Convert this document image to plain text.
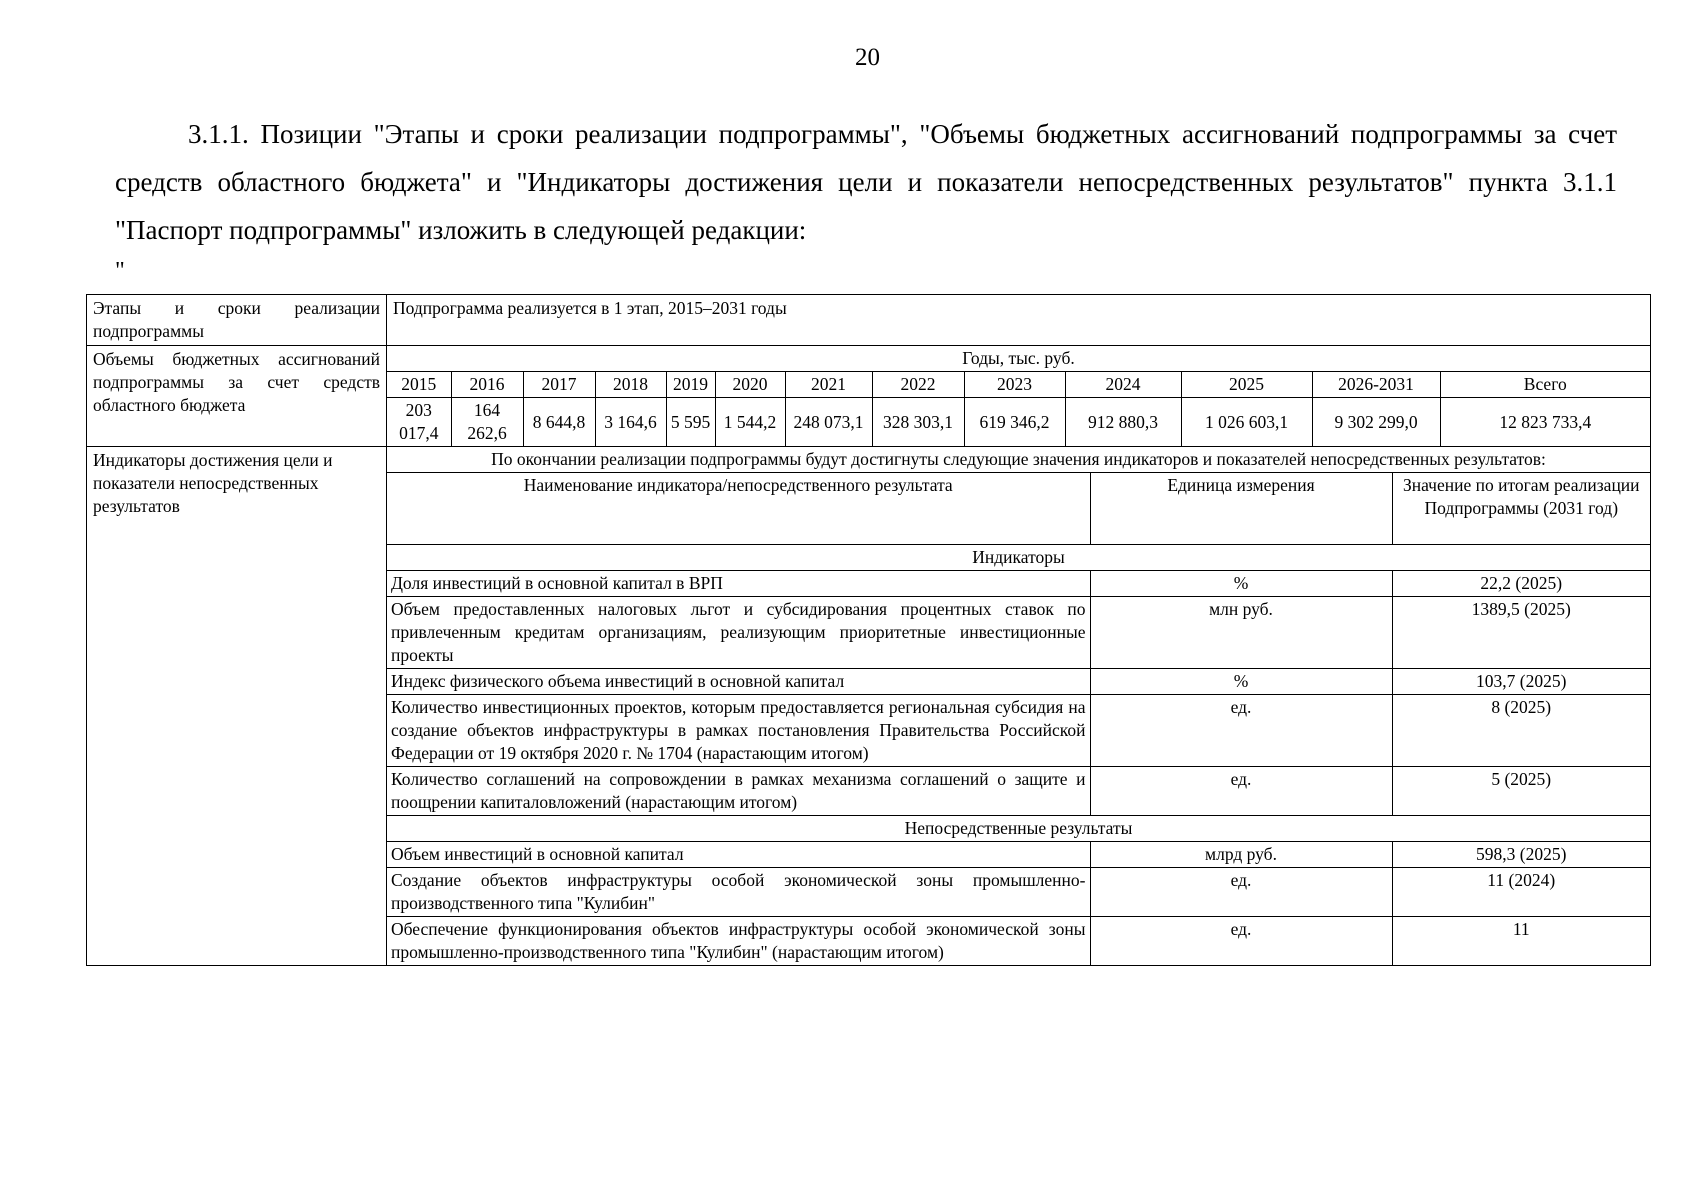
20

3.1.1. Позиции "Этапы и сроки реализации подпрограммы", "Объемы бюджетных ассигнований подпрограммы за счет средств областного бюджета" и "Индикаторы достижения цели и показатели непосредственных результатов" пункта 3.1.1 "Паспорт подпрограммы" изложить в следующей редакции:

"
Этапы и сроки реализации подпрограммы	Подпрограмма реализуется в 1 этап, 2015–2031 годы
Объемы бюджетных ассигнований подпрограммы за счет средств областного бюджета	
Годы, тыс. руб.
2015	2016	2017	2018	2019	2020	2021	2022	2023	2024	2025	2026-2031	Всего
203 017,4	164 262,6	8 644,8	3 164,6	5 595	1 544,2	248 073,1	328 303,1	619 346,2	912 880,3	1 026 603,1	9 302 299,0	12 823 733,4

Индикаторы достижения цели и показатели непосредственных результатов	
По окончании реализации подпрограммы будут достигнуты следующие значения индикаторов и показателей непосредственных результатов:
Наименование индикатора/непосредственного результата	Единица измерения	Значение по итогам реализации Подпрограммы (2031 год)
Индикаторы
Доля инвестиций в основной капитал в ВРП	%	22,2 (2025)
Объем предоставленных налоговых льгот и субсидирования процентных ставок по привлеченным кредитам организациям, реализующим приоритетные инвестиционные проекты	млн руб.	1389,5 (2025)
Индекс физического объема инвестиций в основной капитал	%	103,7 (2025)
Количество инвестиционных проектов, которым предоставляется региональная субсидия на создание объектов инфраструктуры в рамках постановления Правительства Российской Федерации от 19 октября 2020 г. № 1704 (нарастающим итогом)	ед.	8 (2025)
Количество соглашений на сопровождении в рамках механизма соглашений о защите и поощрении капиталовложений (нарастающим итогом)	ед.	5 (2025)
Непосредственные результаты
Объем инвестиций в основной капитал	млрд руб.	598,3 (2025)
Создание объектов инфраструктуры особой экономической зоны промышленно-производственного типа "Кулибин"	ед.	11 (2024)
Обеспечение функционирования объектов инфраструктуры особой экономической зоны промышленно-производственного типа "Кулибин" (нарастающим итогом)	ед.	11
